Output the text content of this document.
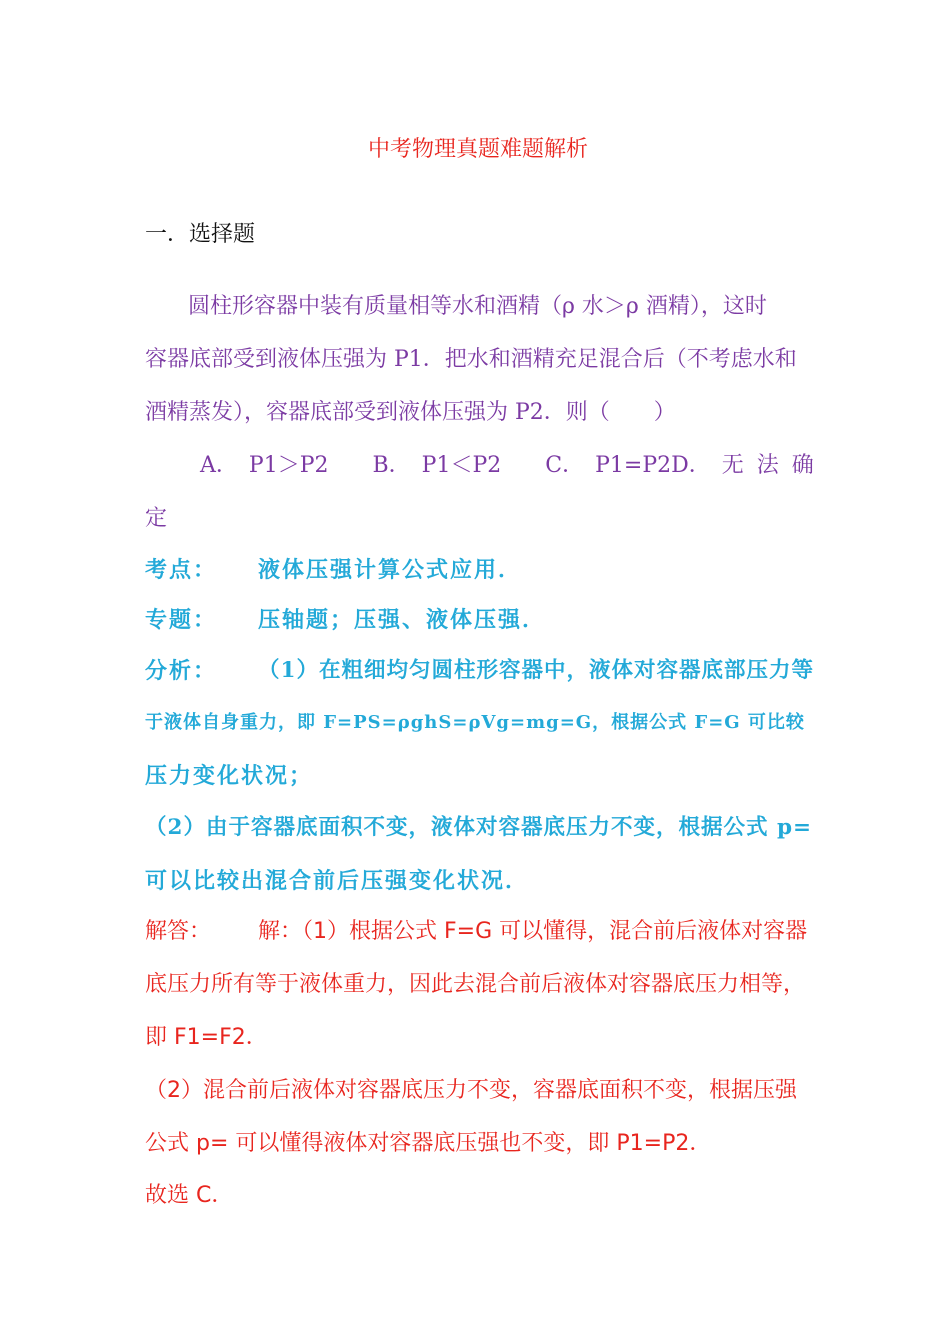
中考物理真题难题解析
一．选择题
圆柱形容器中装有质量相等水和酒精（ρ 水＞ρ 酒精），这时
容器底部受到液体压强为 P1．把水和酒精充足混合后（不考虑水和
酒精蒸发），容器底部受到液体压强为 P2．则（　　）
A．　P1＞P2　　B．　P1＜P2　　C．　P1=P2D．　无 法 确
定
考点： 液体压强计算公式应用．
专题： 压轴题；压强、液体压强．
分析： （1）在粗细均匀圆柱形容器中，液体对容器底部压力等
于液体自身重力，即 F=PS=ρghS=ρVg=mg=G，根据公式 F=G 可比较
压力变化状况；
（2）由于容器底面积不变，液体对容器底压力不变，根据公式 p=
可以比较出混合前后压强变化状况．
解答： 解：（1）根据公式 F=G 可以懂得，混合前后液体对容器
底压力所有等于液体重力，因此去混合前后液体对容器底压力相等，
即 F1=F2．
（2）混合前后液体对容器底压力不变，容器底面积不变，根据压强
公式 p= 可以懂得液体对容器底压强也不变，即 P1=P2．
故选 C．
